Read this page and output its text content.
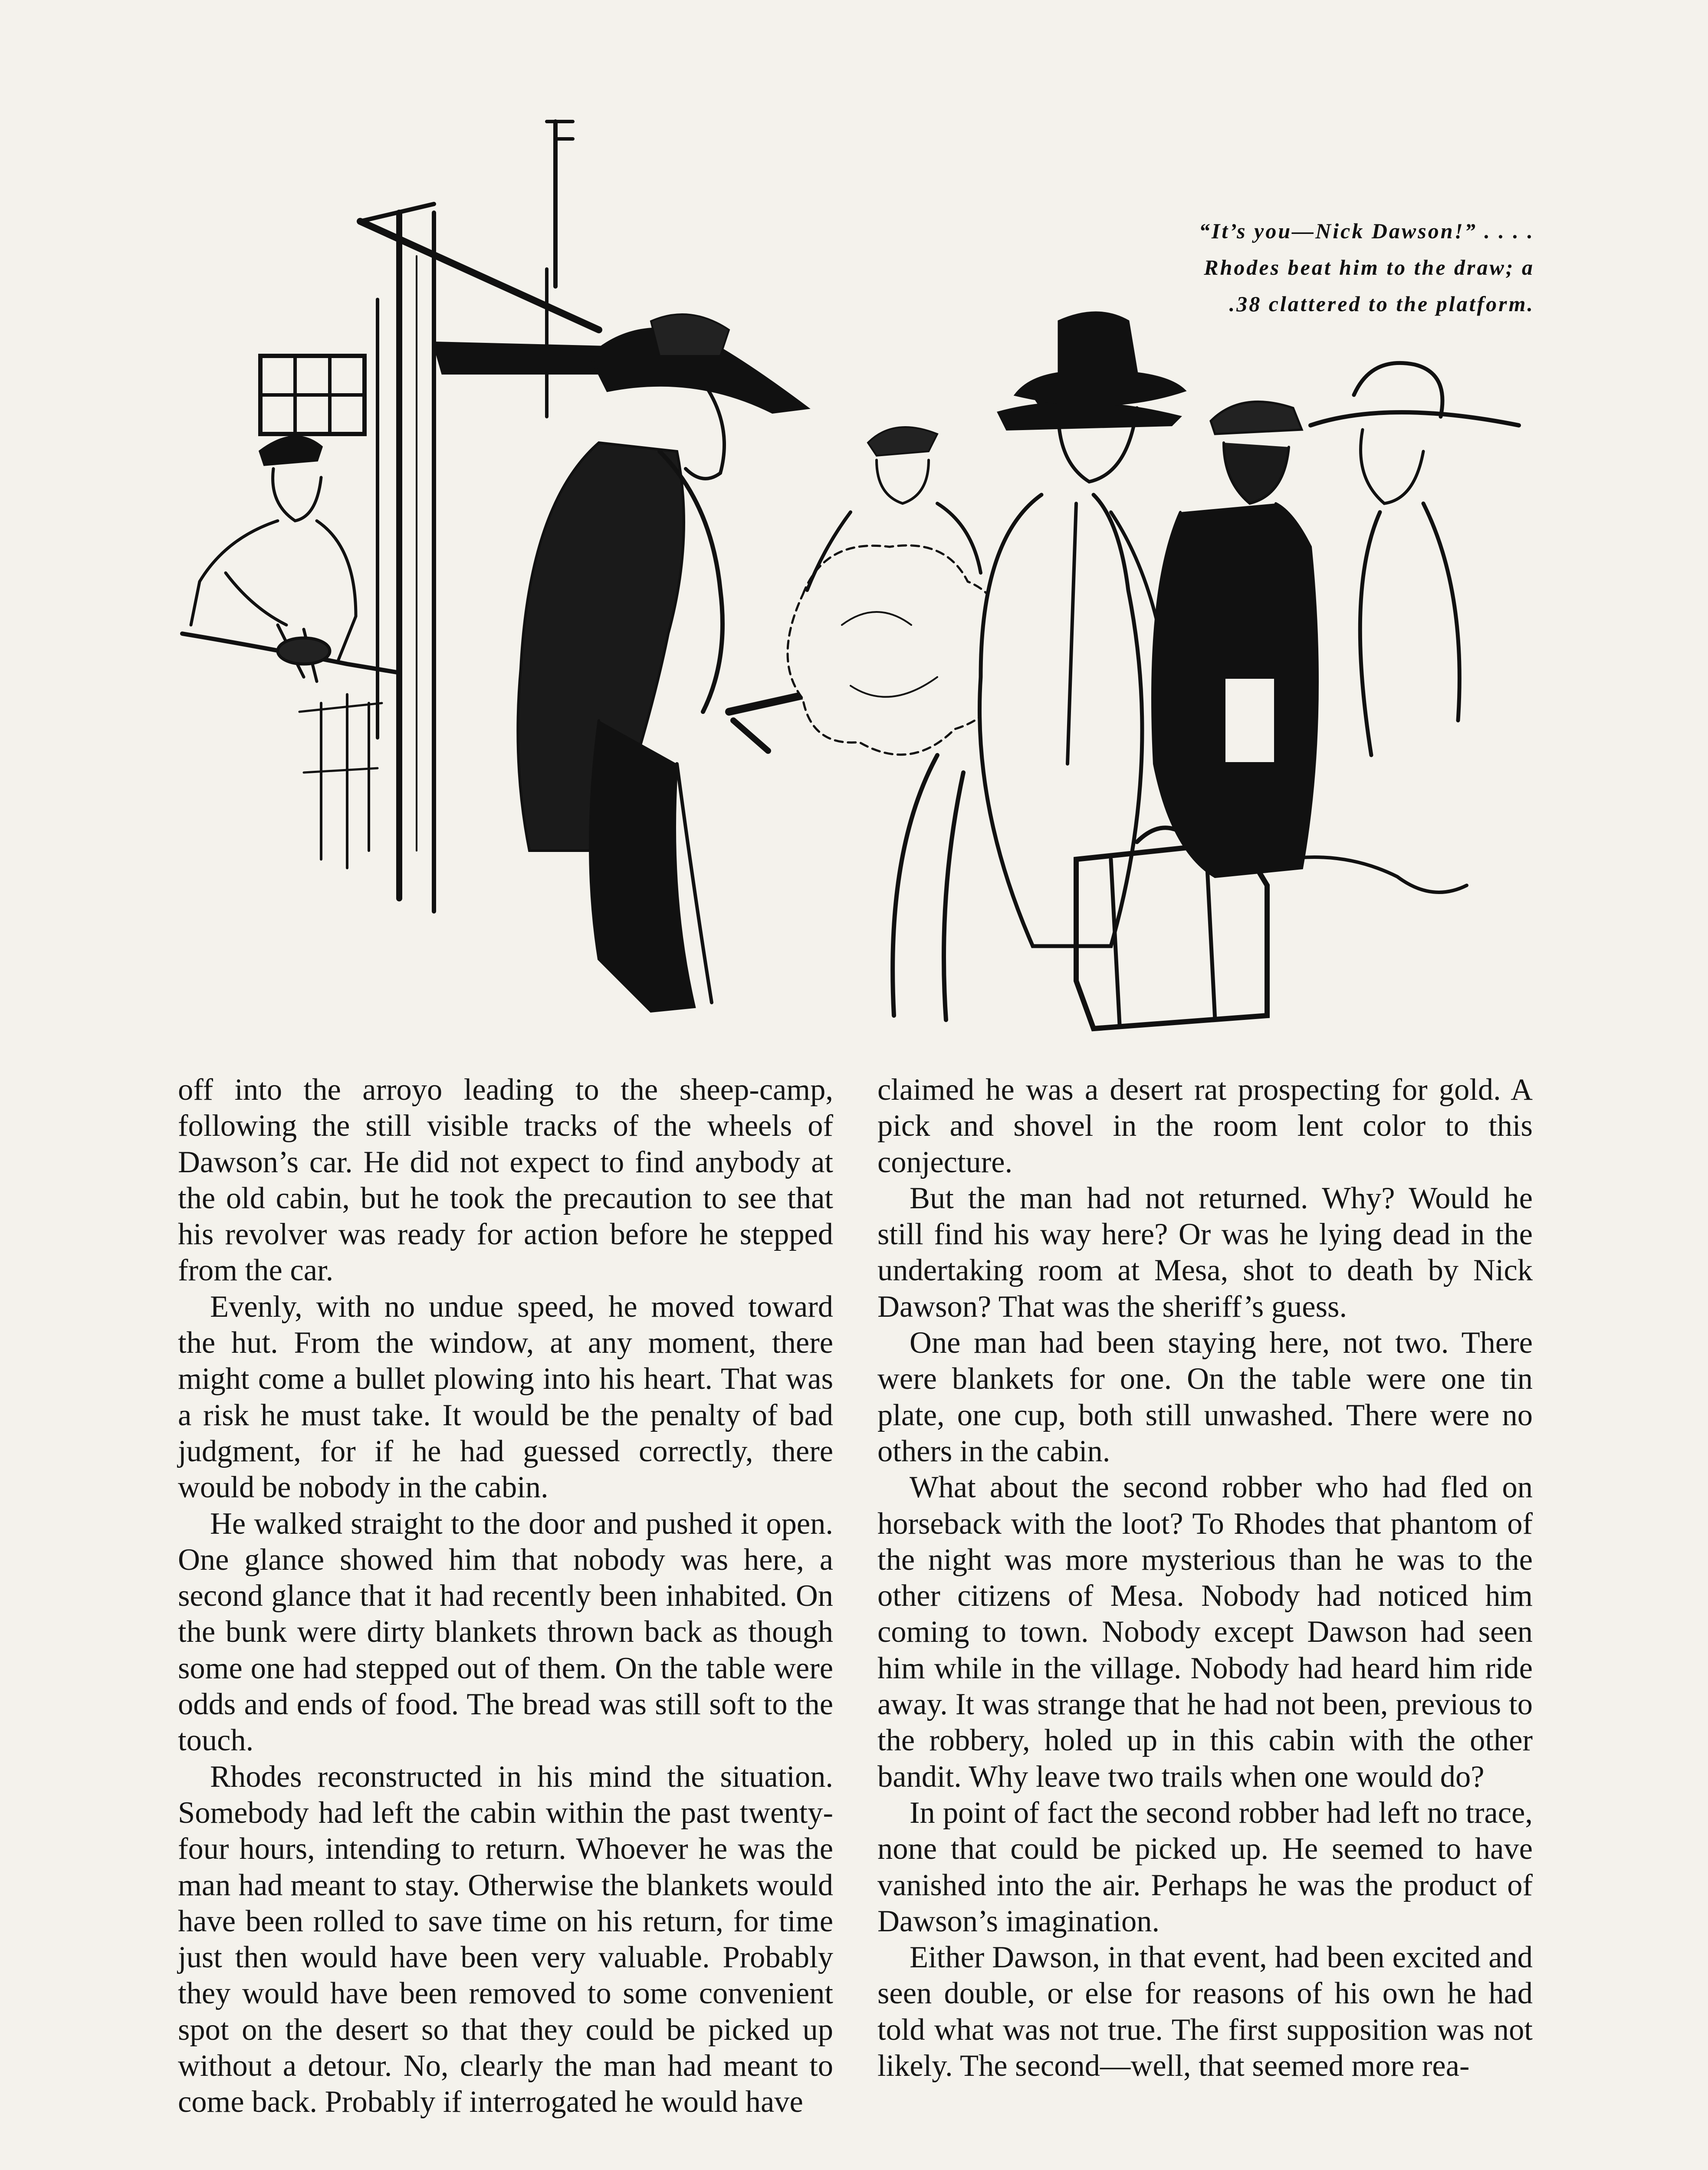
“It’s you—Nick Dawson!” . . . .
Rhodes beat him to the draw; a
.38 clattered to the platform.

off into the arroyo leading to the sheep-camp, following the still visible tracks of the wheels of Dawson’s car. He did not expect to find anybody at the old cabin, but he took the precaution to see that his revolver was ready for action before he stepped from the car.

Evenly, with no undue speed, he moved toward the hut. From the window, at any moment, there might come a bullet plowing into his heart. That was a risk he must take. It would be the penalty of bad judgment, for if he had guessed correctly, there would be nobody in the cabin.

He walked straight to the door and pushed it open. One glance showed him that nobody was here, a second glance that it had recently been inhabited. On the bunk were dirty blankets thrown back as though some one had stepped out of them. On the table were odds and ends of food. The bread was still soft to the touch.

Rhodes reconstructed in his mind the situation. Somebody had left the cabin within the past twenty-four hours, intending to return. Whoever he was the man had meant to stay. Otherwise the blankets would have been rolled to save time on his return, for time just then would have been very valuable. Probably they would have been removed to some convenient spot on the desert so that they could be picked up without a detour. No, clearly the man had meant to come back. Probably if interrogated he would have

claimed he was a desert rat prospecting for gold. A pick and shovel in the room lent color to this conjecture.

But the man had not returned. Why? Would he still find his way here? Or was he lying dead in the undertaking room at Mesa, shot to death by Nick Dawson? That was the sheriff’s guess.

One man had been staying here, not two. There were blankets for one. On the table were one tin plate, one cup, both still unwashed. There were no others in the cabin.

What about the second robber who had fled on horseback with the loot? To Rhodes that phantom of the night was more mysterious than he was to the other citizens of Mesa. Nobody had noticed him coming to town. Nobody except Dawson had seen him while in the village. Nobody had heard him ride away. It was strange that he had not been, previous to the robbery, holed up in this cabin with the other bandit. Why leave two trails when one would do?

In point of fact the second robber had left no trace, none that could be picked up. He seemed to have vanished into the air. Perhaps he was the product of Dawson’s imagination.

Either Dawson, in that event, had been excited and seen double, or else for reasons of his own he had told what was not true. The first supposition was not likely. The second—well, that seemed more rea-
